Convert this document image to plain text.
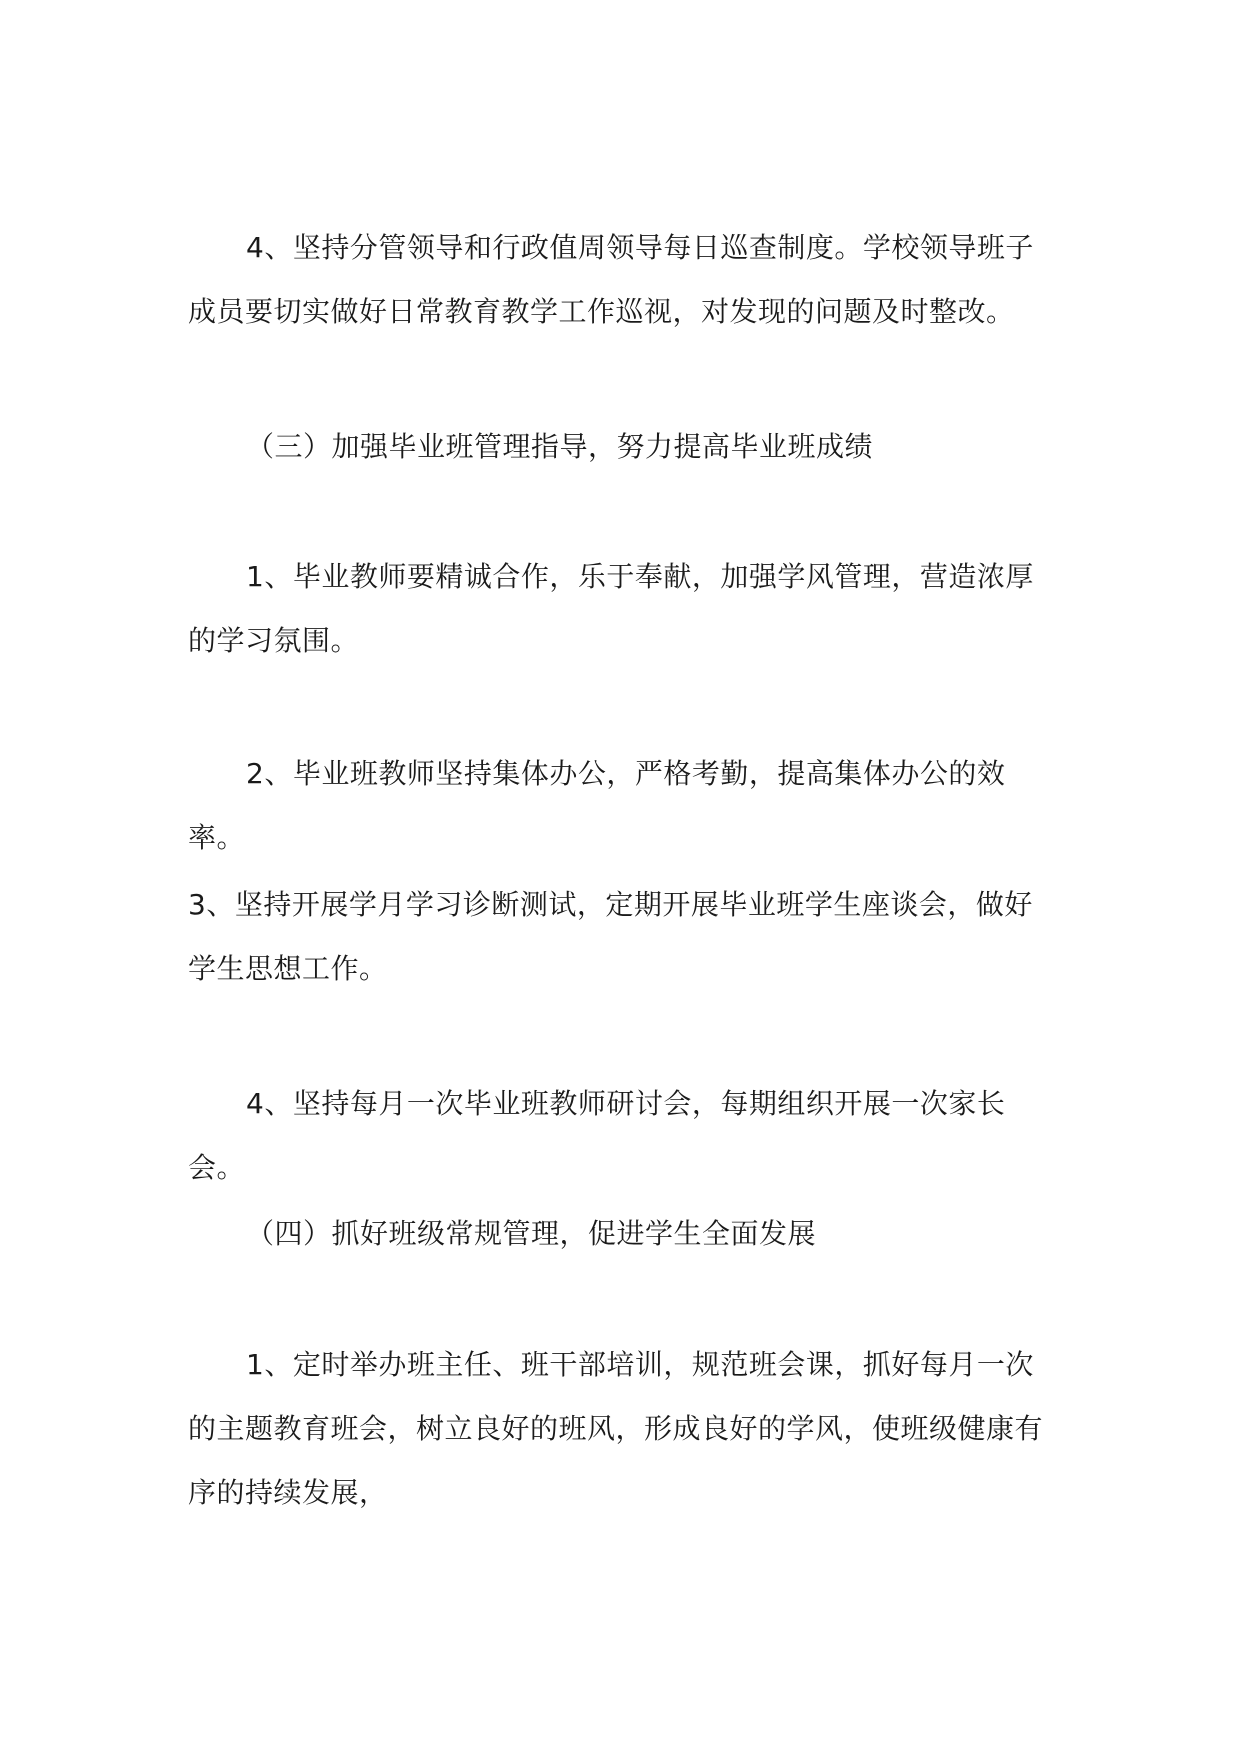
4、坚持分管领导和行政值周领导每日巡查制度。学校领导班子成员要切实做好日常教育教学工作巡视，对发现的问题及时整改。

（三）加强毕业班管理指导，努力提高毕业班成绩

1、毕业教师要精诚合作，乐于奉献，加强学风管理，营造浓厚的学习氛围。

2、毕业班教师坚持集体办公，严格考勤，提高集体办公的效率。

3、坚持开展学月学习诊断测试，定期开展毕业班学生座谈会，做好学生思想工作。

4、坚持每月一次毕业班教师研讨会，每期组织开展一次家长会。

（四）抓好班级常规管理，促进学生全面发展

1、定时举办班主任、班干部培训，规范班会课，抓好每月一次的主题教育班会，树立良好的班风，形成良好的学风，使班级健康有序的持续发展，
